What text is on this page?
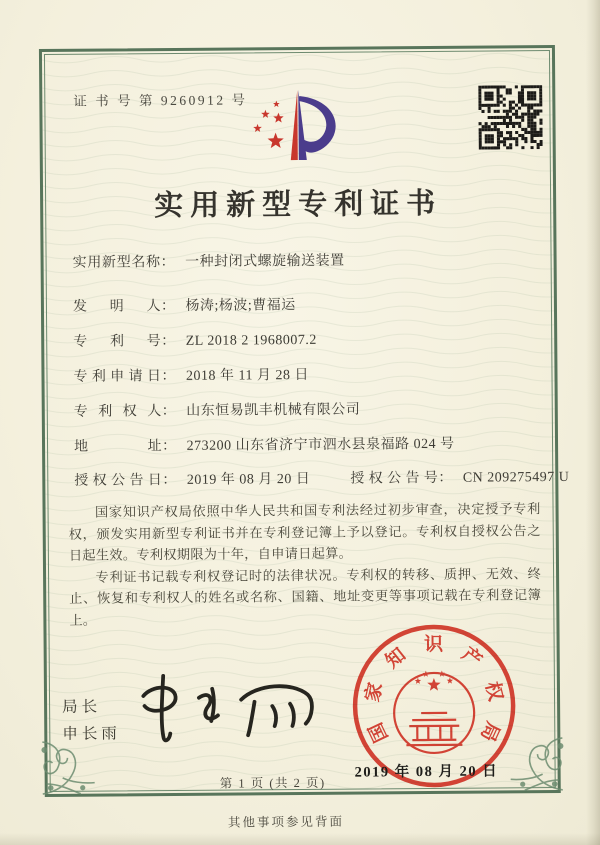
证 书 号 第 9260912 号
实用新型专利证书
实用新型名称 ： 一种封闭式螺旋输送装置
发明人 ： 杨涛;杨波;曹福运
专利号 ： ZL 2018 2 1968007.2
专利申请日 ： 2018 年 11 月 28 日
专利权人 ： 山东恒易凯丰机械有限公司
地址 ： 273200 山东省济宁市泗水县泉福路 024 号
授权公告日 ： 2019 年 08 月 20 日	授权公告号 ： CN 209275497 U

国家知识产权局依照中华人民共和国专利法经过初步审查，决定授予专利权，颁发实用新型专利证书并在专利登记簿上予以登记。专利权自授权公告之日起生效。专利权期限为十年，自申请日起算。

专利证书记载专利权登记时的法律状况。专利权的转移、质押、无效、终止、恢复和专利权人的姓名或名称、国籍、地址变更等事项记载在专利登记簿上。

局长
申长雨	国
家
知 识 产
权
局
2019 年 08 月 20 日
第 1 页 (共 2 页)
其他事项参见背面
